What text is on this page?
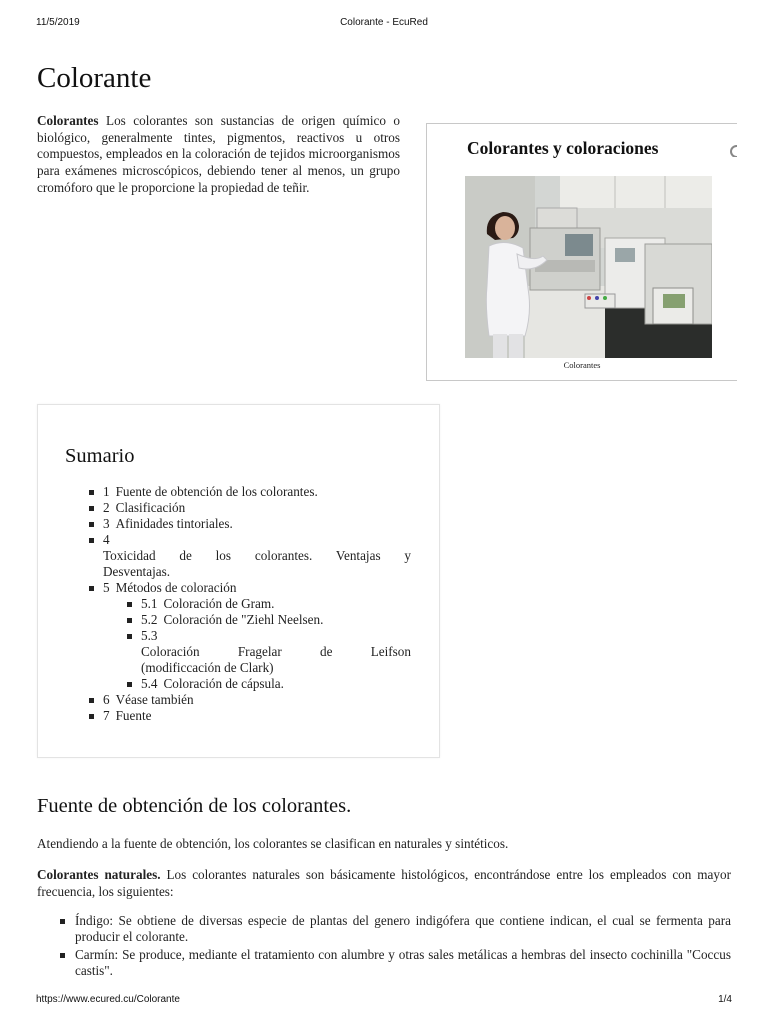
11/5/2019	Colorante - EcuRed
Colorante

Colorantes Los colorantes son sustancias de origen químico o biológico, generalmente tintes, pigmentos, reactivos u otros compuestos, empleados en la coloración de tejidos microorganismos para exámenes microscópicos, debiendo tener al menos, un grupo cromóforo que le proporcione la propiedad de teñir.

Colorantes y coloraciones
Colorantes
Sumario
1 Fuente de obtención de los colorantes.
2 Clasificación
3 Afinidades tintoriales.
4
Toxicidad de los colorantes. Ventajas y
Desventajas.
5 Métodos de coloración
5.1 Coloración de Gram.
5.2 Coloración de "Ziehl Neelsen.
5.3
Coloración Fragelar de Leifson
(modificcación de Clark)
5.4 Coloración de cápsula.
6 Véase también
7 Fuente
Fuente de obtención de los colorantes.

Atendiendo a la fuente de obtención, los colorantes se clasifican en naturales y sintéticos.

Colorantes naturales. Los colorantes naturales son básicamente histológicos, encontrándose entre los empleados con mayor frecuencia, los siguientes:

Índigo: Se obtiene de diversas especie de plantas del genero indigófera que contiene indican, el cual se fermenta para producir el colorante.
Carmín: Se produce, mediante el tratamiento con alumbre y otras sales metálicas a hembras del insecto cochinilla "Coccus castis".
https://www.ecured.cu/Colorante	1/4
